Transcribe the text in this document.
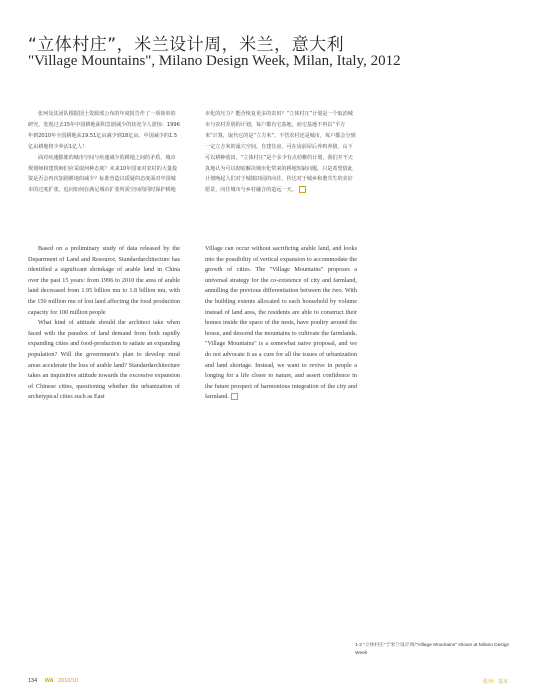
“立体村庄”，米兰设计周，米兰，意大利
"Village Mountains", Milano Design Week, Milan, Italy, 2012

张珂及其团队根据国土资源部公布的年度报告作了一项简单的研究，发现过去15年中国耕地面积急剧减少的状况令人震惊：1996年到2010年全国耕地从19.51亿亩减少到18亿亩。中国减少的1.5亿亩耕地将少养活1亿人！

面对疾速膨胀的城市空间与疾速减少的耕地之间的矛盾，城市规划师和建筑师们应采取何种态度？未来10年国家对农村的大量投资是否会再次加剧耕地的减少？标准营造以质疑的态度面对中国城市的过度扩张，追问如何在满足城市扩张所需空间的同时保护耕地

市化的压力？能否恢复更多的农田？“立体村庄”计划是一个取消城市与农村差别的计划，每户都有宅基地，而宅基地不再以“平方米”计算，取代它的是“立方米”。不管农村还是城市，每户都会分到一定立方米的巢穴空间，自建住房，可在房前屋后养鸡养猪，山下可以耕种收田。“立体村庄”是个多少有点幼稚的计划，我们并不天真地认为可以彻底解决城市化带来的耕地短缺问题。只是希望借此计划唤起人们对于城镇田园的向往，传达对于城乡和谐共生的美好愿景，向往城市与乡村融合的造远一天。

Based on a preliminary study of data released by the Department of Land and Resource, Standardarchitecture has identified a significant shrinkage of arable land in China over the past 15 years: from 1996 to 2010 the area of arable land decreased from 1.95 billion mu to 1.8 billion mu, with the 150 million mu of lost land affecting the food production capacity for 100 million people

What kind of attitude should the architect take when faced with the paradox of land demand from both rapidly expanding cities and food-production to satiate an expanding population? Will the government's plan to develop rural areas accelerate the loss of arable land? Standardarchitecture takes an inquisitive attitude towards the excessive expansion of Chinese cities, questioning whether the urbanization of archetypical cities such as East

Village can occur without sacrificing arable land, and looks into the possibility of vertical expansion to accommodate the growth of cities. The "Village Mountains" proposes a universal strategy for the co-existence of city and farmland, annulling the previous differentiation between the two. With the building extents allocated to each household by volume instead of land area, the residents are able to construct their homes inside the space of the nests, have poultry around the house, and descend the mountains to cultivate the farmlands. "Village Mountains" is a somewhat naive proposal, and we do not advocate it as a cure for all the issues of urbanization and land shortage. Instead, we want to revive in people a longing for a life closer to nature, and assert confidence in the future prospect of harmonious integration of the city and farmland.

1-2 “立体村庄”于米兰设计周/"Village Mountains" shown at Milano Design Week
134 WA 2010/10	张珂：基本
